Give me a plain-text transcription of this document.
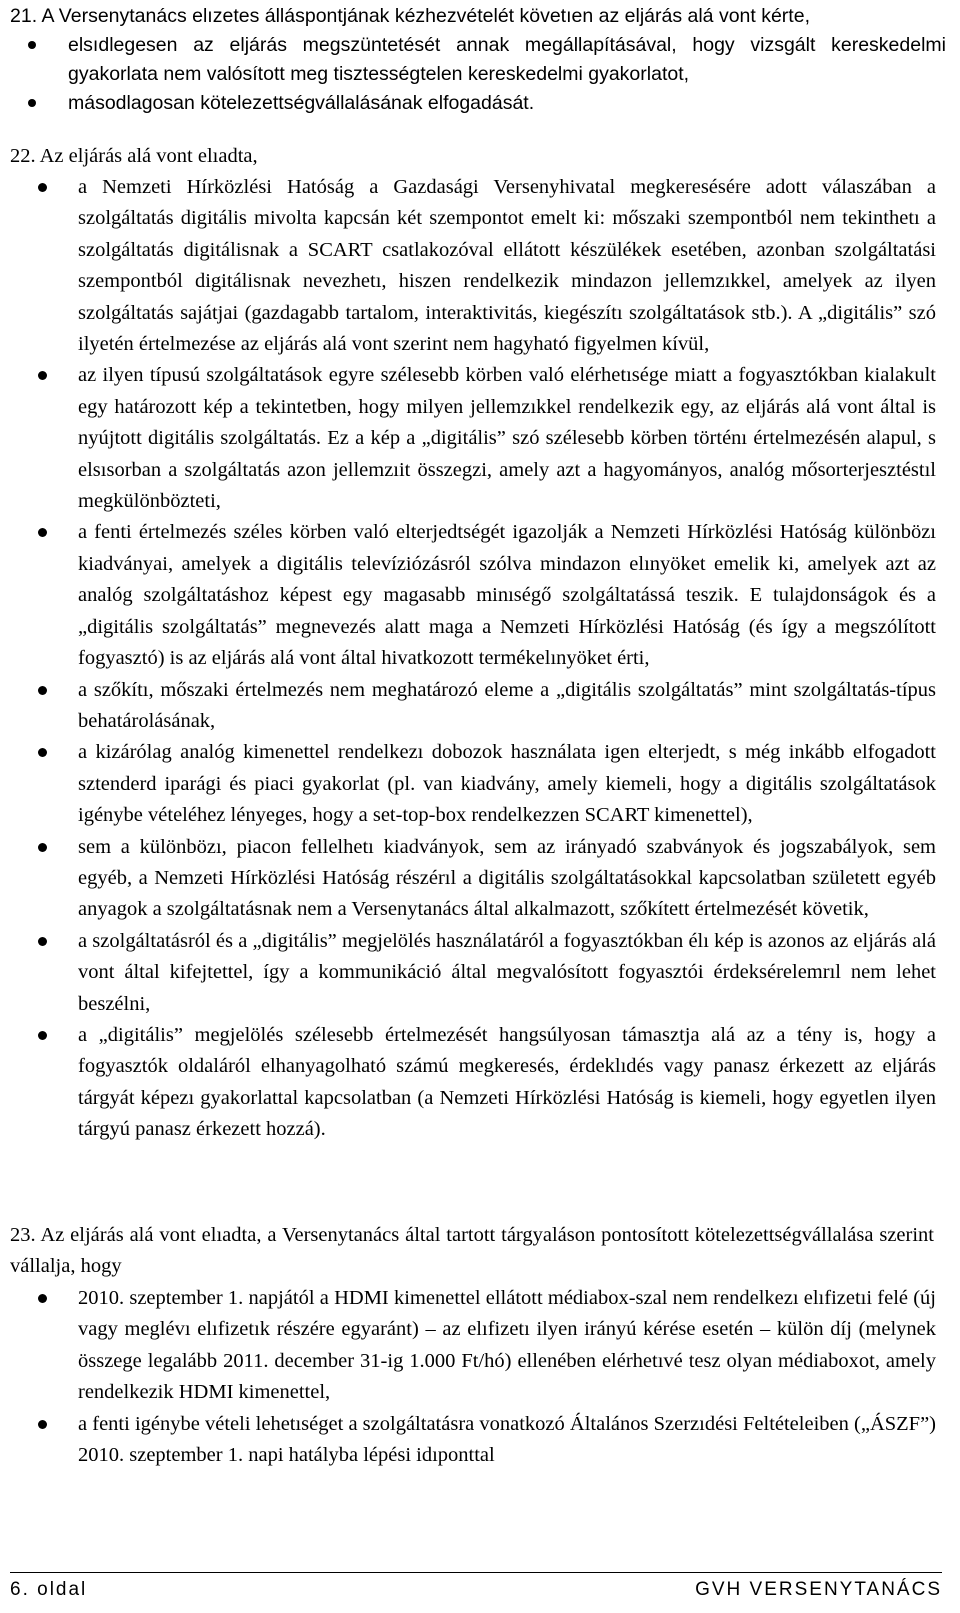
21. A Versenytanács elızetes álláspontjának kézhezvételét követıen az eljárás alá vont kérte,
elsıdlegesen az eljárás megszüntetését annak megállapításával, hogy vizsgált kereskedelmi gyakorlata nem valósított meg tisztességtelen kereskedelmi gyakorlatot,
másodlagosan kötelezettségvállalásának elfogadását.
22. Az eljárás alá vont elıadta,
a Nemzeti Hírközlési Hatóság a Gazdasági Versenyhivatal megkeresésére adott válaszában a szolgáltatás digitális mivolta kapcsán két szempontot emelt ki: mőszaki szempontból nem tekinthetı a szolgáltatás digitálisnak a SCART csatlakozóval ellátott készülékek esetében, azonban szolgáltatási szempontból digitálisnak nevezhetı, hiszen rendelkezik mindazon jellemzıkkel, amelyek az ilyen szolgáltatás sajátjai (gazdagabb tartalom, interaktivitás, kiegészítı szolgáltatások stb.). A „digitális” szó ilyetén értelmezése az eljárás alá vont szerint nem hagyható figyelmen kívül,
az ilyen típusú szolgáltatások egyre szélesebb körben való elérhetısége miatt a fogyasztókban kialakult egy határozott kép a tekintetben, hogy milyen jellemzıkkel rendelkezik egy, az eljárás alá vont által is nyújtott digitális szolgáltatás. Ez a kép a „digitális” szó szélesebb körben történı értelmezésén alapul, s elsısorban a szolgáltatás azon jellemzıit összegzi, amely azt a hagyományos, analóg mősorterjesztéstıl megkülönbözteti,
a fenti értelmezés széles körben való elterjedtségét igazolják a Nemzeti Hírközlési Hatóság különbözı kiadványai, amelyek a digitális televíziózásról szólva mindazon elınyöket emelik ki, amelyek azt az analóg szolgáltatáshoz képest egy magasabb minıségő szolgáltatássá teszik. E tulajdonságok és a „digitális szolgáltatás” megnevezés alatt maga a Nemzeti Hírközlési Hatóság (és így a megszólított fogyasztó) is az eljárás alá vont által hivatkozott termékelınyöket érti,
a szőkítı, mőszaki értelmezés nem meghatározó eleme a „digitális szolgáltatás” mint szolgáltatás-típus behatárolásának,
a kizárólag analóg kimenettel rendelkezı dobozok használata igen elterjedt, s még inkább elfogadott sztenderd iparági és piaci gyakorlat (pl. van kiadvány, amely kiemeli, hogy a digitális szolgáltatások igénybe vételéhez lényeges, hogy a set-top-box rendelkezzen SCART kimenettel),
sem a különbözı, piacon fellelhetı kiadványok, sem az irányadó szabványok és jogszabályok, sem egyéb, a Nemzeti Hírközlési Hatóság részérıl a digitális szolgáltatásokkal kapcsolatban született egyéb anyagok a szolgáltatásnak nem a Versenytanács által alkalmazott, szőkített értelmezését követik,
a szolgáltatásról és a „digitális” megjelölés használatáról a fogyasztókban élı kép is azonos az eljárás alá vont által kifejtettel, így a kommunikáció által megvalósított fogyasztói érdeksérelemrıl nem lehet beszélni,
a „digitális” megjelölés szélesebb értelmezését hangsúlyosan támasztja alá az a tény is, hogy a fogyasztók oldaláról elhanyagolható számú megkeresés, érdeklıdés vagy panasz érkezett az eljárás tárgyát képezı gyakorlattal kapcsolatban (a Nemzeti Hírközlési Hatóság is kiemeli, hogy egyetlen ilyen tárgyú panasz érkezett hozzá).
23. Az eljárás alá vont elıadta, a Versenytanács által tartott tárgyaláson pontosított kötelezettségvállalása szerint vállalja, hogy
2010. szeptember 1. napjától a HDMI kimenettel ellátott médiabox-szal nem rendelkezı elıfizetıi felé (új vagy meglévı elıfizetık részére egyaránt) – az elıfizetı ilyen irányú kérése esetén – külön díj (melynek összege legalább 2011. december 31-ig 1.000 Ft/hó) ellenében elérhetıvé tesz olyan médiaboxot, amely rendelkezik HDMI kimenettel,
a fenti igénybe vételi lehetıséget a szolgáltatásra vonatkozó Általános Szerzıdési Feltételeiben („ÁSZF”) 2010. szeptember 1. napi hatályba lépési idıponttal
6. oldal	GVH VERSENYTANÁCS
